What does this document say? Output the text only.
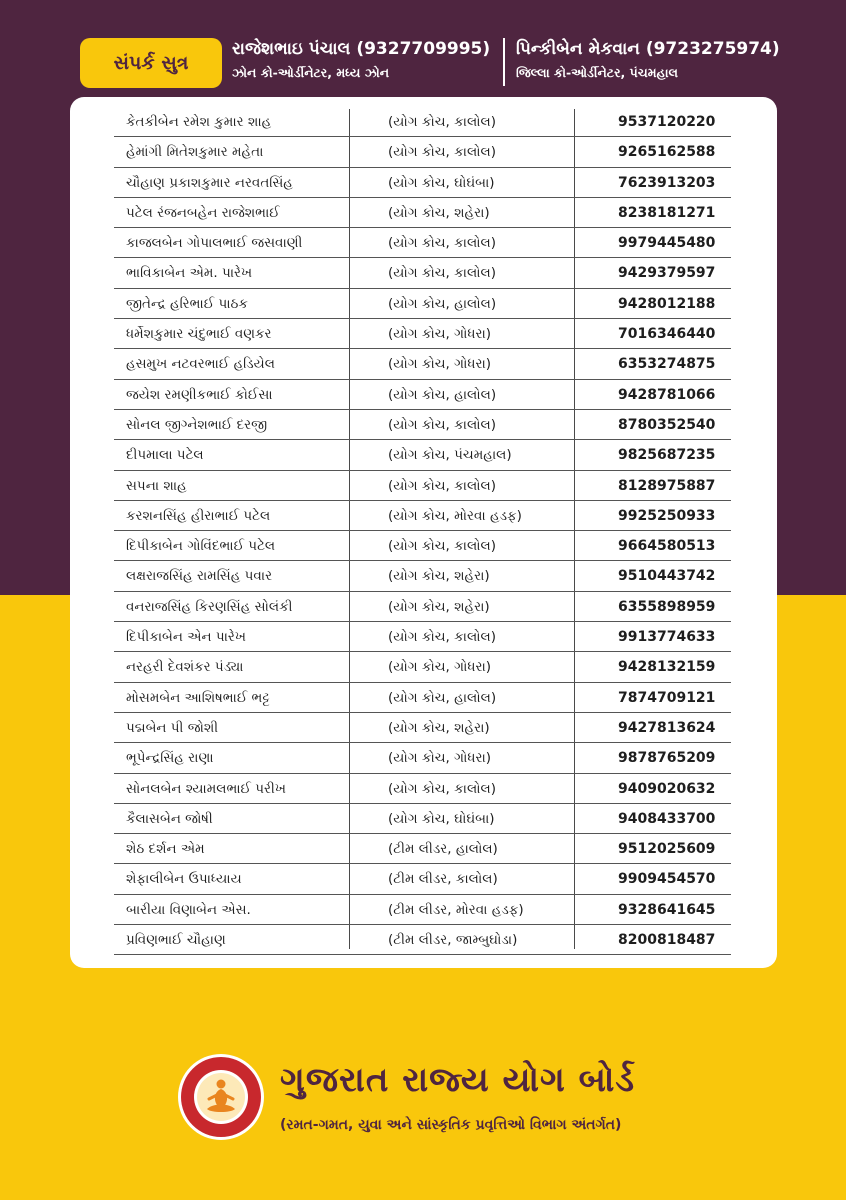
સંપર્ક સુત્ર
રાજેશભાઇ પંચાલ (9327709995)
ઝોન કો-ઓર્ડીનેટર, મધ્ય ઝોન
પિન્કીબેન મેકવાન (9723275974)
જિલ્લા કો-ઓર્ડીનેટર, પંચમહાલ
કેતકીબેન રમેશ કુમાર શાહ	(યોગ કોચ, કાલોલ)	9537120220
હેમાંગી મિતેશકુમાર મહેતા	(યોગ કોચ, કાલોલ)	9265162588
ચૌહાણ પ્રકાશકુમાર નરવતસિંહ	(યોગ કોચ, ઘોઘંબા)	7623913203
પટેલ રંજનબહેન રાજેશભાઈ	(યોગ કોચ, શહેરા)	8238181271
કાજલબેન ગોપાલભાઈ જસવાણી	(યોગ કોચ, કાલોલ)	9979445480
ભાવિકાબેન એમ. પારેખ	(યોગ કોચ, કાલોલ)	9429379597
જીતેન્દ્ર હરિભાઈ પાઠક	(યોગ કોચ, હાલોલ)	9428012188
ધર્મેશકુમાર ચંદુભાઈ વણકર	(યોગ કોચ, ગોધરા)	7016346440
હસમુખ નટવરભાઈ હડિયેલ	(યોગ કોચ, ગોધરા)	6353274875
જયેશ રમણીકભાઈ કોઈસા	(યોગ કોચ, હાલોલ)	9428781066
સોનલ જીગ્નેશભાઈ દરજી	(યોગ કોચ, કાલોલ)	8780352540
દીપમાલા પટેલ	(યોગ કોચ, પંચમહાલ)	9825687235
સપના શાહ	(યોગ કોચ, કાલોલ)	8128975887
કરશનસિંહ હીરાભાઈ પટેલ	(યોગ કોચ, મોરવા હડફ)	9925250933
દિપીકાબેન ગોવિંદભાઈ પટેલ	(યોગ કોચ, કાલોલ)	9664580513
લક્ષરાજસિંહ રામસિંહ પવાર	(યોગ કોચ, શહેરા)	9510443742
વનરાજસિંહ કિરણસિંહ સોલંકી	(યોગ કોચ, શહેરા)	6355898959
દિપીકાબેન એન પારેખ	(યોગ કોચ, કાલોલ)	9913774633
નરહરી દેવશંકર પંડ્યા	(યોગ કોચ, ગોધરા)	9428132159
મોસમબેન આશિષભાઈ ભટ્ટ	(યોગ કોચ, હાલોલ)	7874709121
પદ્મબેન પી જોશી	(યોગ કોચ, શહેરા)	9427813624
ભૂપેન્દ્રસિંહ રાણા	(યોગ કોચ, ગોધરા)	9878765209
સોનલબેન શ્યામલભાઈ પરીખ	(યોગ કોચ, કાલોલ)	9409020632
કૈલાસબેન જોષી	(યોગ કોચ, ઘોઘંબા)	9408433700
શેઠ દર્શન એમ	(ટીમ લીડર, હાલોલ)	9512025609
શેફાલીબેન ઉપાધ્યાય	(ટીમ લીડર, કાલોલ)	9909454570
બારીયા વિણાબેન એસ.	(ટીમ લીડર, મોરવા હડફ)	9328641645
પ્રવિણભાઈ ચૌહાણ	(ટીમ લીડર, જામ્બુઘોડા)	8200818487
ગુજરાત રાજ્ય યોગ બોર્ડ
(રમત-ગમત, યુવા અને સાંસ્કૃતિક પ્રવૃત્તિઓ વિભાગ અંતર્ગત)
